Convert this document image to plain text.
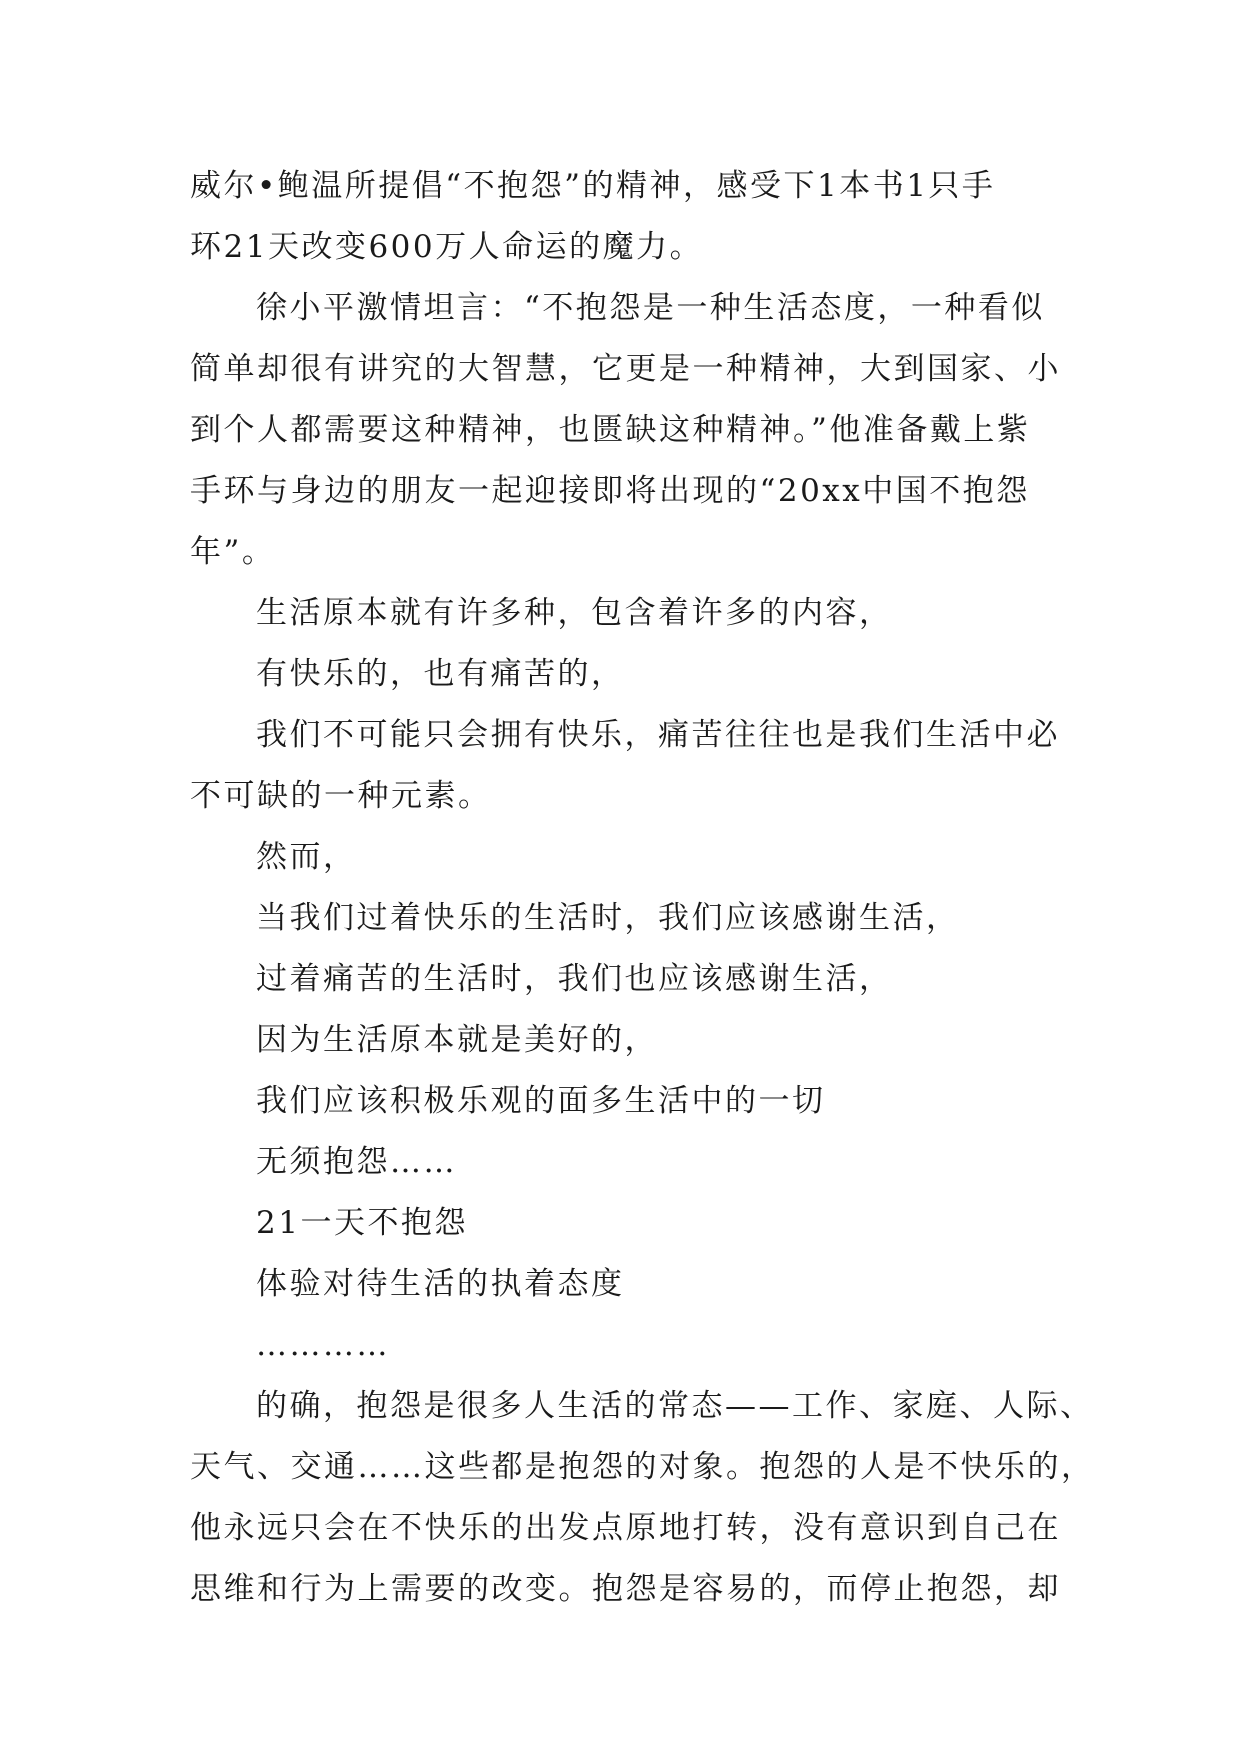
威尔•鲍温所提倡“不抱怨”的精神，感受下1本书1只手
环21天改变600万人命运的魔力。
徐小平激情坦言：“不抱怨是一种生活态度，一种看似
简单却很有讲究的大智慧，它更是一种精神，大到国家、小
到个人都需要这种精神，也匮缺这种精神。”他准备戴上紫
手环与身边的朋友一起迎接即将出现的“20xx中国不抱怨
年”。
生活原本就有许多种，包含着许多的内容，
有快乐的，也有痛苦的，
我们不可能只会拥有快乐，痛苦往往也是我们生活中必
不可缺的一种元素。
然而，
当我们过着快乐的生活时，我们应该感谢生活，
过着痛苦的生活时，我们也应该感谢生活，
因为生活原本就是美好的，
我们应该积极乐观的面多生活中的一切
无须抱怨……
21一天不抱怨
体验对待生活的执着态度
…………
的确，抱怨是很多人生活的常态——工作、家庭、人际、
天气、交通……这些都是抱怨的对象。抱怨的人是不快乐的，
他永远只会在不快乐的出发点原地打转，没有意识到自己在
思维和行为上需要的改变。抱怨是容易的，而停止抱怨，却
